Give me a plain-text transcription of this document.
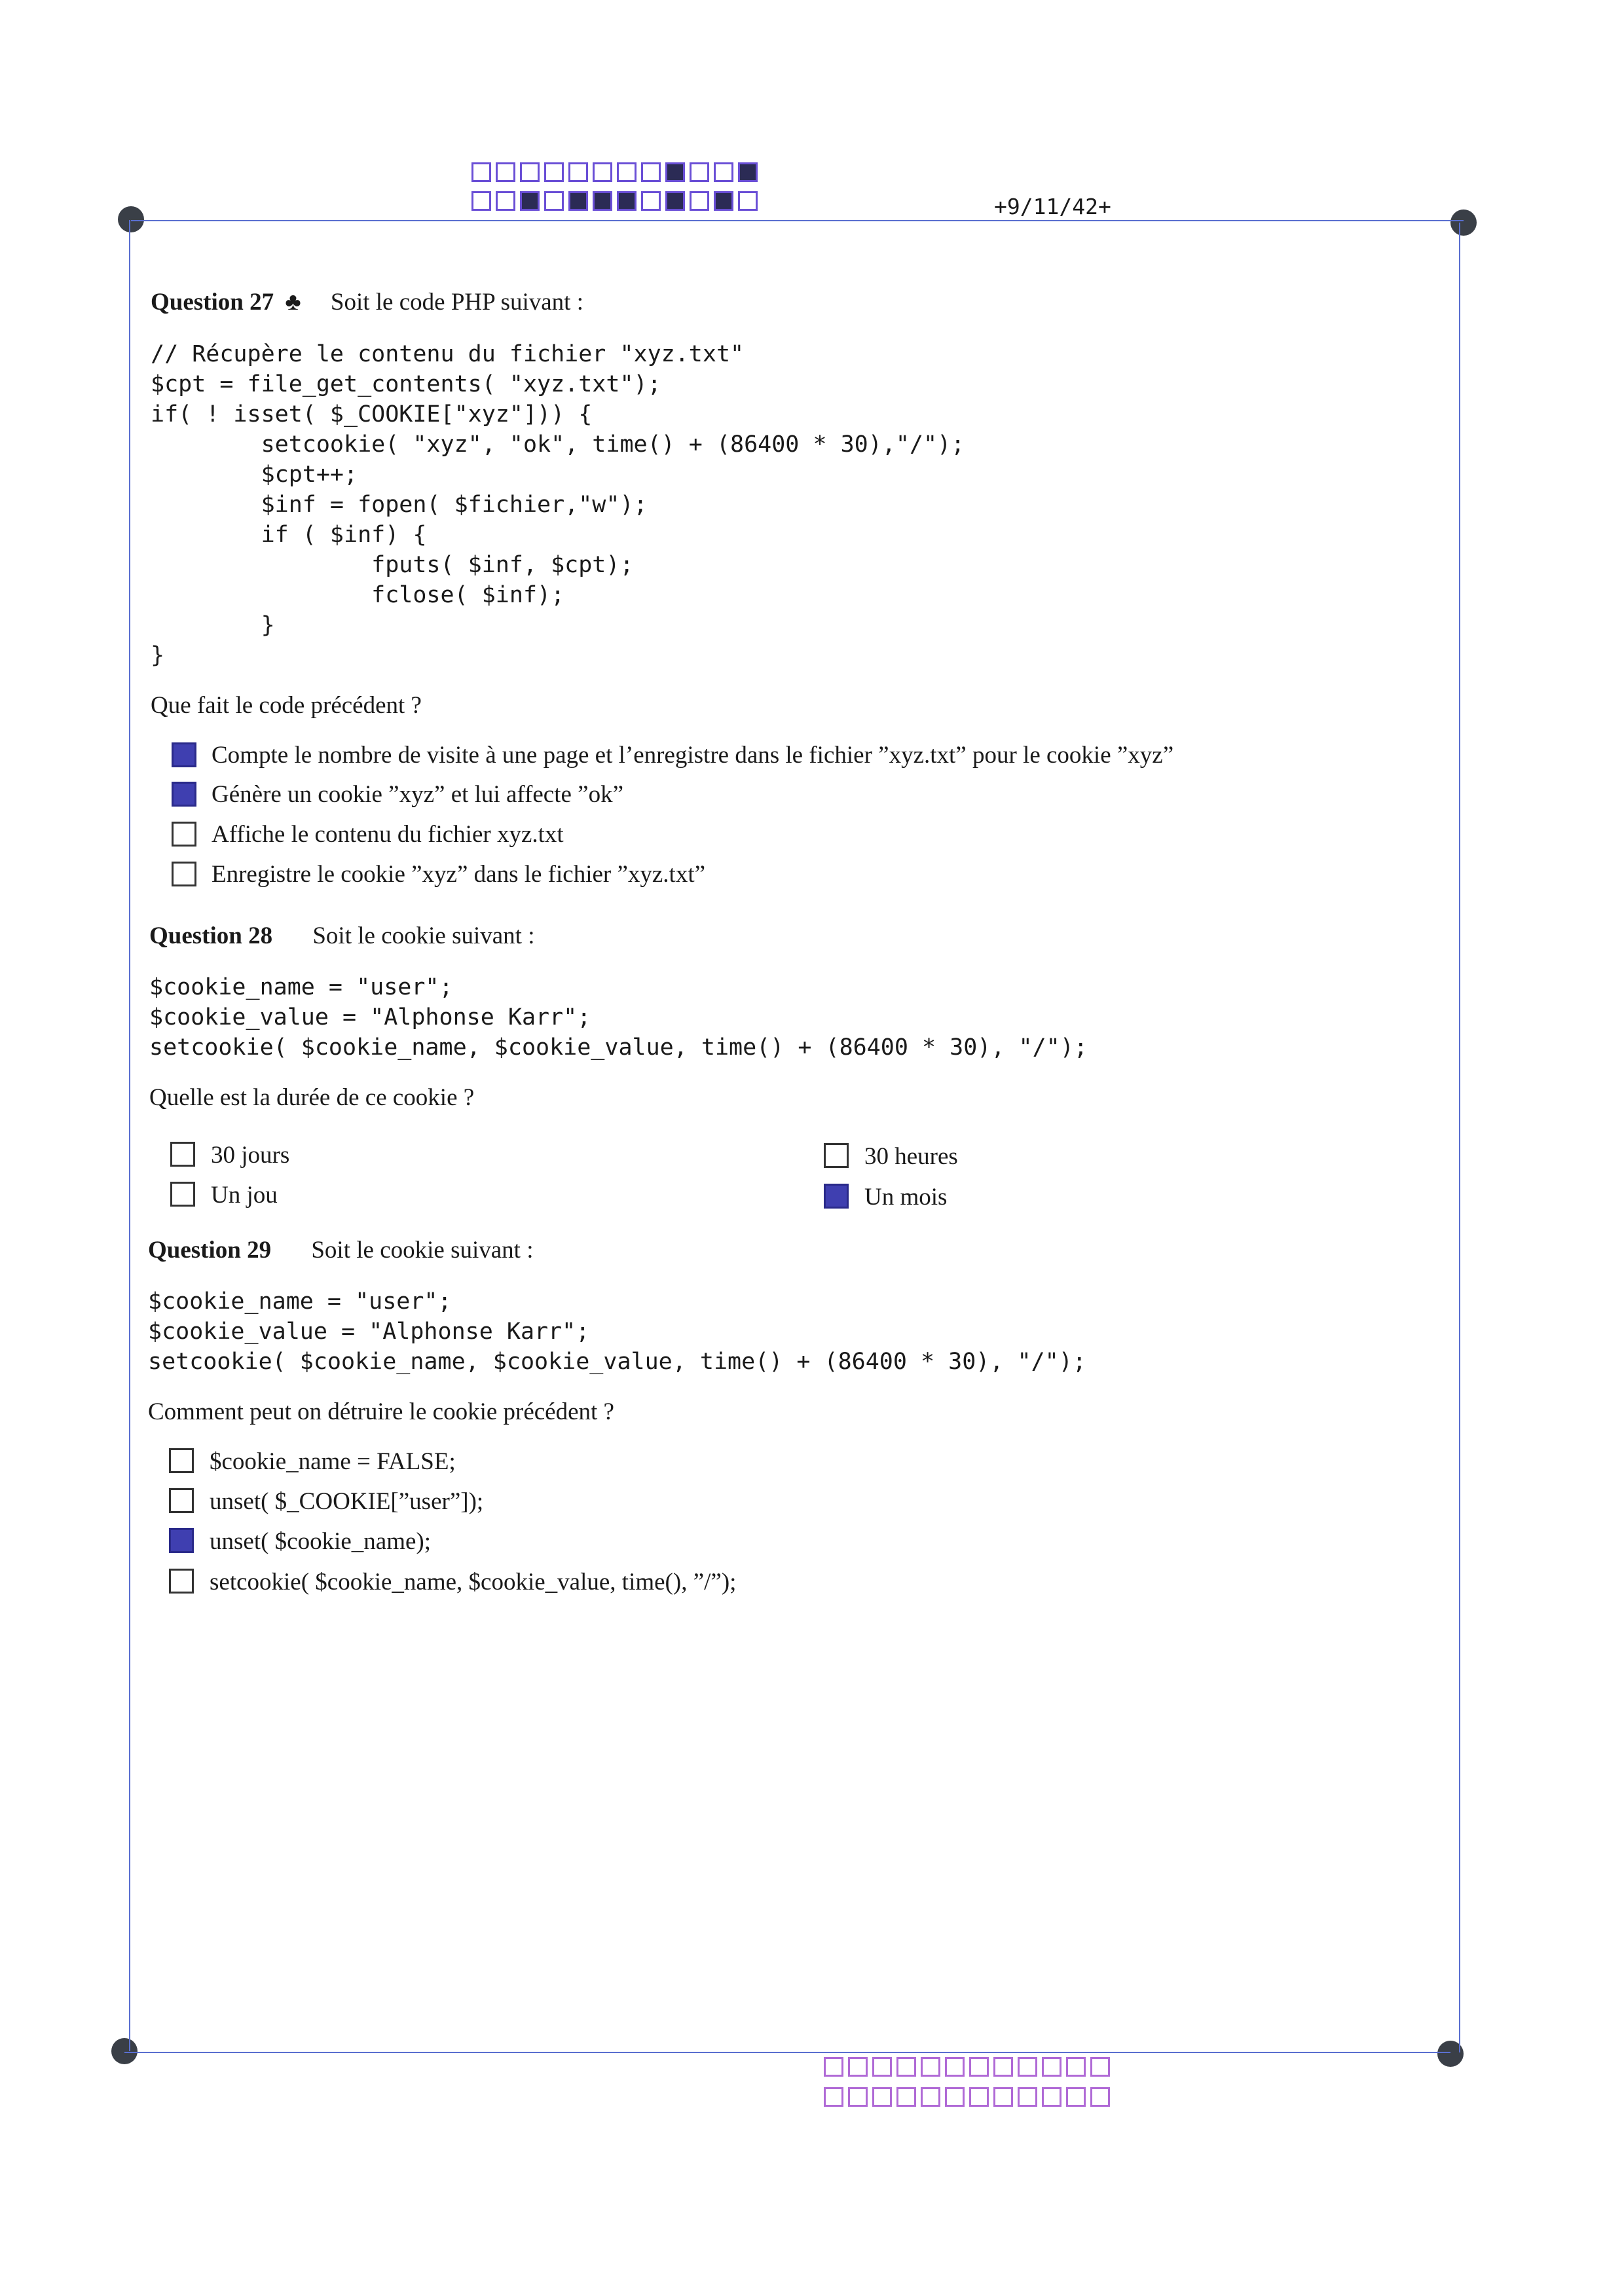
+9/11/42+
Question 27 ♣ Soit le code PHP suivant :
// Récupère le contenu du fichier "xyz.txt"
$cpt = file_get_contents( "xyz.txt");
if( ! isset( $_COOKIE["xyz"])) {
setcookie( "xyz", "ok", time() + (86400 * 30),"/");
$cpt++;
$inf = fopen( $fichier,"w");
if ( $inf) {
fputs( $inf, $cpt);
fclose( $inf);
}
}
Que fait le code précédent ?
Compte le nombre de visite à une page et l’enregistre dans le fichier ”xyz.txt” pour le cookie ”xyz”
Génère un cookie ”xyz” et lui affecte ”ok”
Affiche le contenu du fichier xyz.txt
Enregistre le cookie ”xyz” dans le fichier ”xyz.txt”
Question 28 Soit le cookie suivant :
$cookie_name = "user";
$cookie_value = "Alphonse Karr";
setcookie( $cookie_name, $cookie_value, time() + (86400 * 30), "/");
Quelle est la durée de ce cookie ?
30 jours	30 heures
Un jou	Un mois
Question 29 Soit le cookie suivant :
$cookie_name = "user";
$cookie_value = "Alphonse Karr";
setcookie( $cookie_name, $cookie_value, time() + (86400 * 30), "/");
Comment peut on détruire le cookie précédent ?
$cookie_name = FALSE;
unset( $_COOKIE[”user”]);
unset( $cookie_name);
setcookie( $cookie_name, $cookie_value, time(), ”/”);
